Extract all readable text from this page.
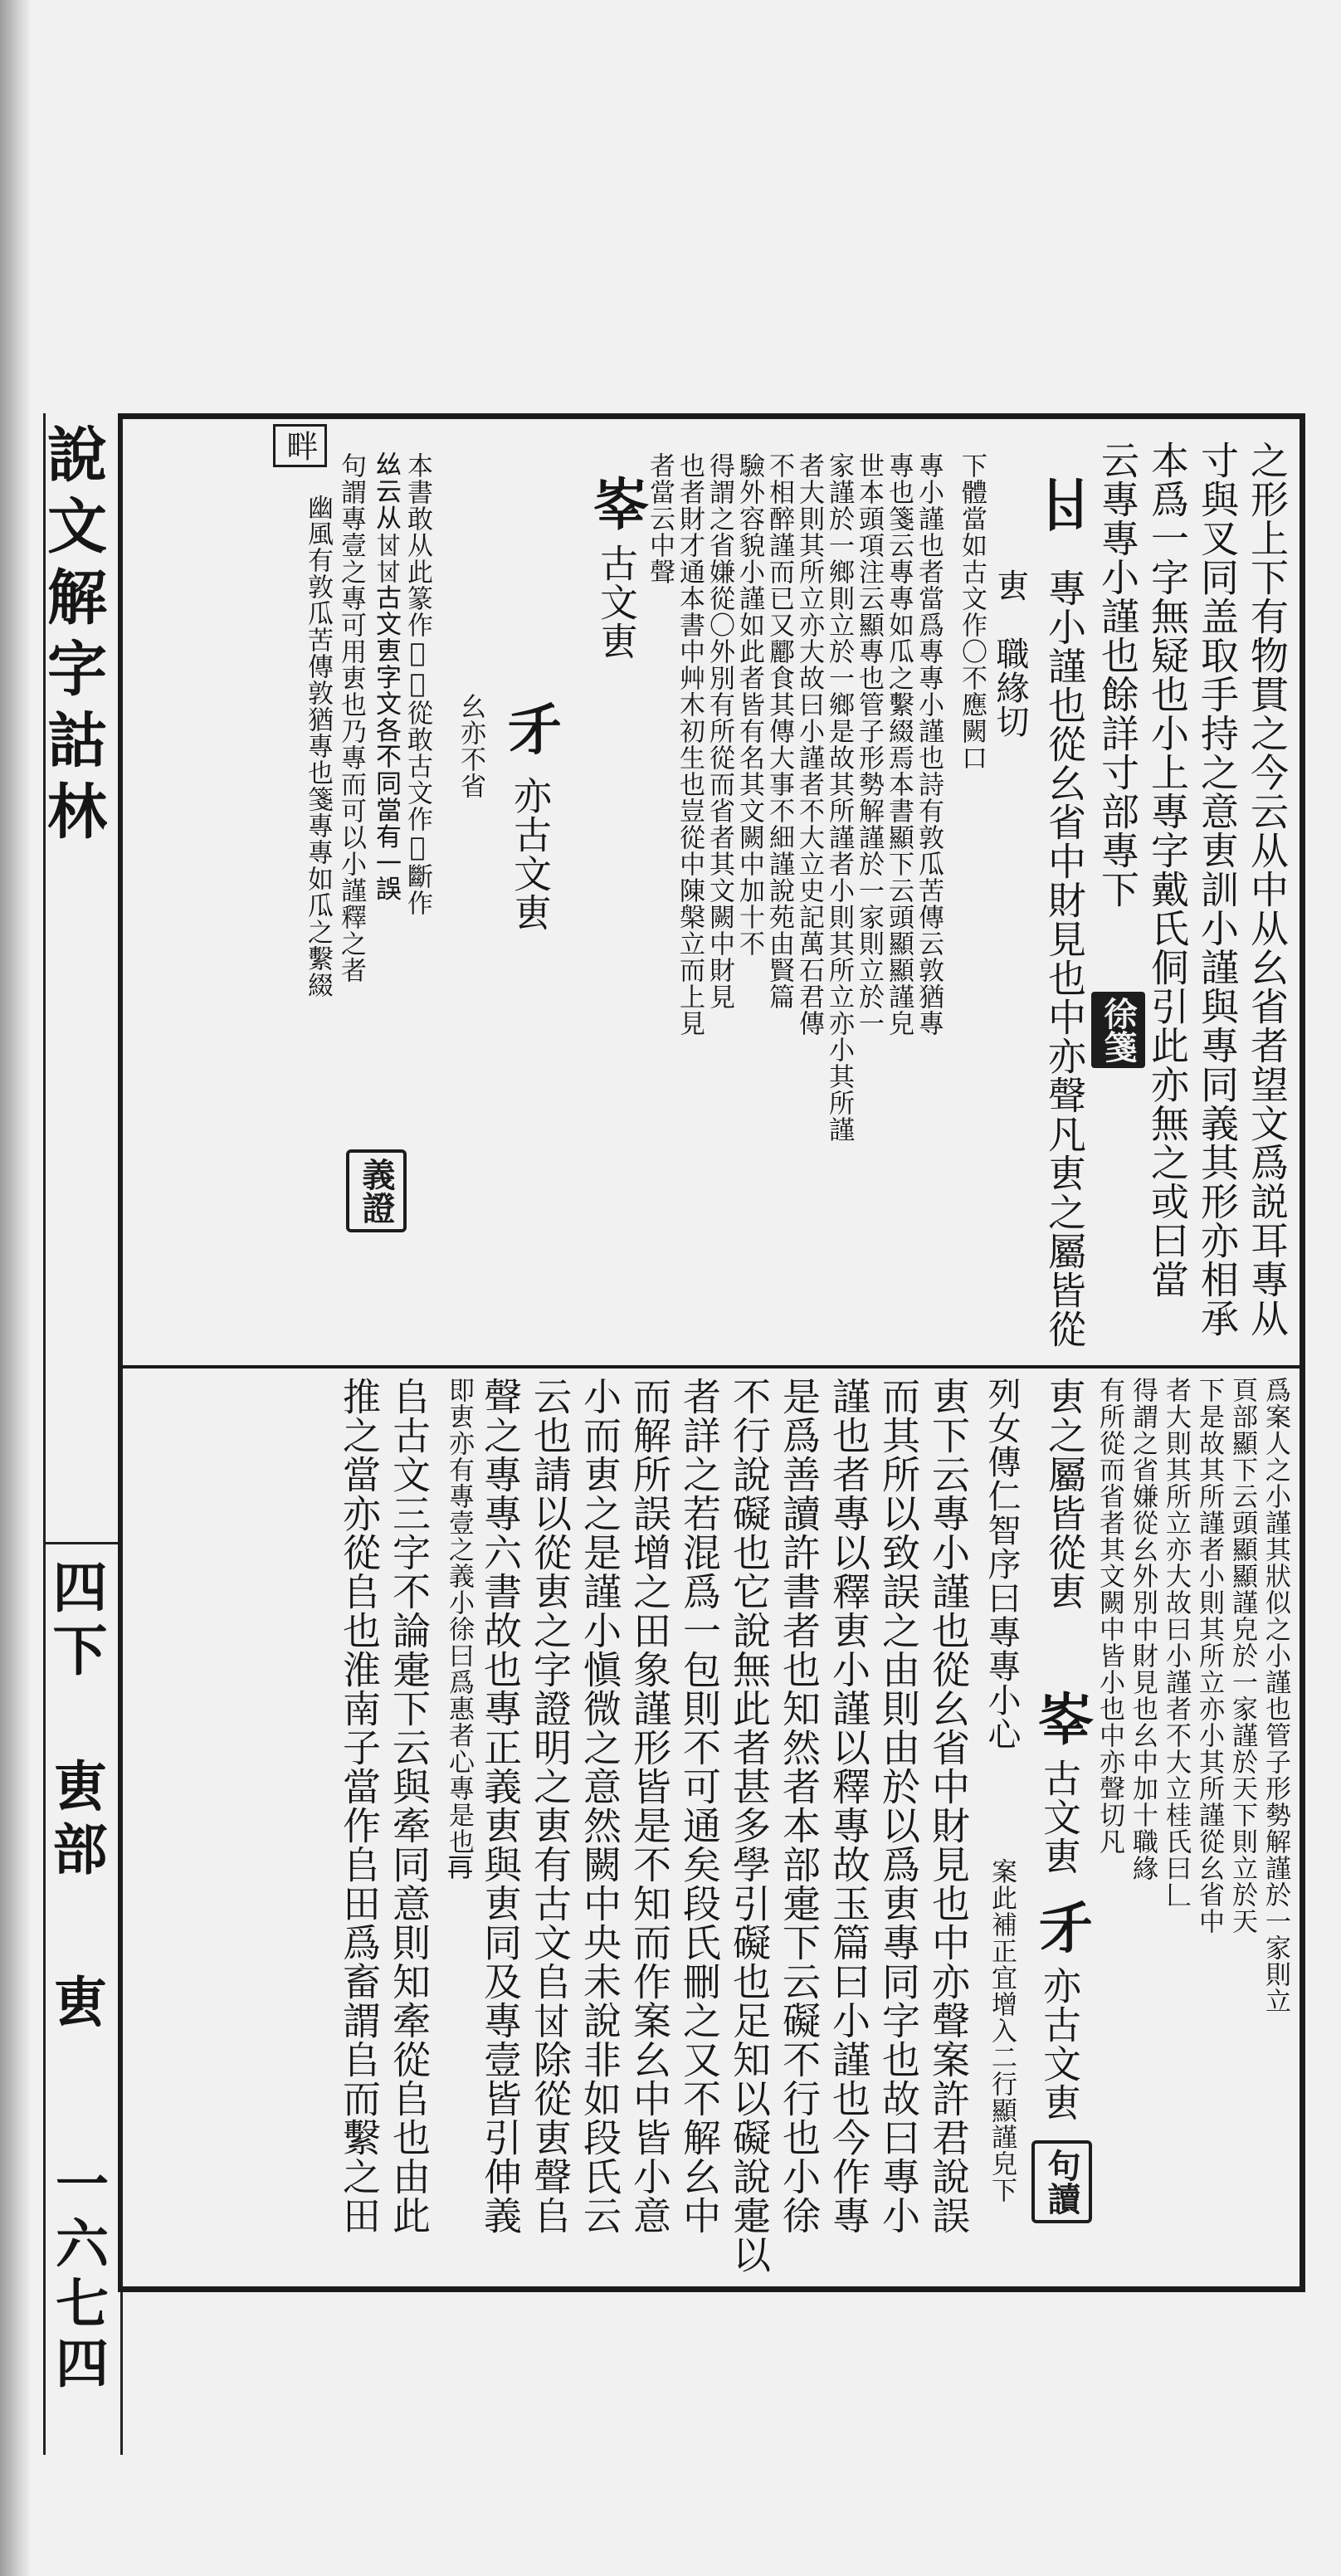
說文解字詁林
四下
叀部
叀
一六七四
之形上下有物貫之今云从中从幺省者望文爲説耳專从
寸與叉同盖取手持之意叀訓小謹與專同義其形亦相承
本爲一字無疑也小上專字戴氏侗引此亦無之或曰當
云專專小謹也餘詳寸部專下
徐箋
𠁿
專小謹也從幺省中財見也中亦聲凡叀之屬皆從
叀　職緣切
下體當如古文作〇不應闕口
專小謹也者當爲專專小謹也詩有敦瓜苦傳云敦猶專
專也箋云專專如瓜之繫綴焉本書顯下云頭顯顯謹皃
世本頭項注云顯專也管子形勢解謹於一家則立於一
家謹於一鄉則立於一鄉是故其所謹者小則其所立亦小其所謹
者大則其所立亦大故曰小謹者不大立史記萬石君傳
不相醉謹而已又酈食其傳大事不細謹說苑由賢篇
驗外容貌小謹如此者皆有名其文闕中加十不
得謂之省嫌從〇外別有所從而省者其文闕中財見
也者財才通本書中艸木初生也豈從中陳槃立而上見
者當云中聲
𡴖
古文叀
𠄒
亦古文叀
幺亦不省
畔
本書敢从此篆作𢽍𡴖從敢古文作𢉖斷作
𢆶云从𠀠𠀠古文叀字文各不同當有一誤
義證
句謂專壹之專可用叀也乃專而可以小謹釋之者
幽風有敦瓜苦傳敦猶專也箋專專如瓜之繫綴
爲案人之小謹其狀似之小謹也管子形勢解謹於一家則立
頁部顯下云頭顯顯謹皃於一家謹於天下則立於天
下是故其所謹者小則其所立亦小其所謹從幺省中
者大則其所立亦大故曰小謹者不大立桂氏曰𠃊
得謂之省嫌從幺外別中財見也幺中加十職緣
有所從而省者其文闕中皆小也中亦聲切凡
叀之屬皆從叀
𡴖
古文叀
𠄒
亦古文叀
句讀
列女傳仁智序曰專專小心
案此補正宜增入二行顯謹皃下
叀下云專小謹也從幺省中財見也中亦聲案許君說誤
而其所以致誤之由則由於以爲叀專同字也故曰專小
謹也者專以釋叀小謹以釋專故玉篇曰小謹也今作專
是爲善讀許書者也知然者本部疐下云礙不行也小徐
不行說礙也它說無此者甚多學引礙也足知以礙說疐以
者詳之若混爲一包則不可通矣段氏刪之又不解幺中
而解所誤增之田象謹形皆是不知而作案幺中皆小意
小而叀之是謹小愼微之意然闕中央未說非如段氏云
云也請以從叀之字證明之叀有古文𠂤𠀠除從叀聲𠂤
聲之專專六書故也專正義叀與叀同及專壹皆引伸義
即叀亦有專壹之義小徐曰爲惠者心專是也𠕂
𠂤古文三字不論疐下云與牽同意則知牽從𠂤也由此
推之當亦從𠂤也淮南子當作𠂤田爲畜謂𠂤而繫之田
